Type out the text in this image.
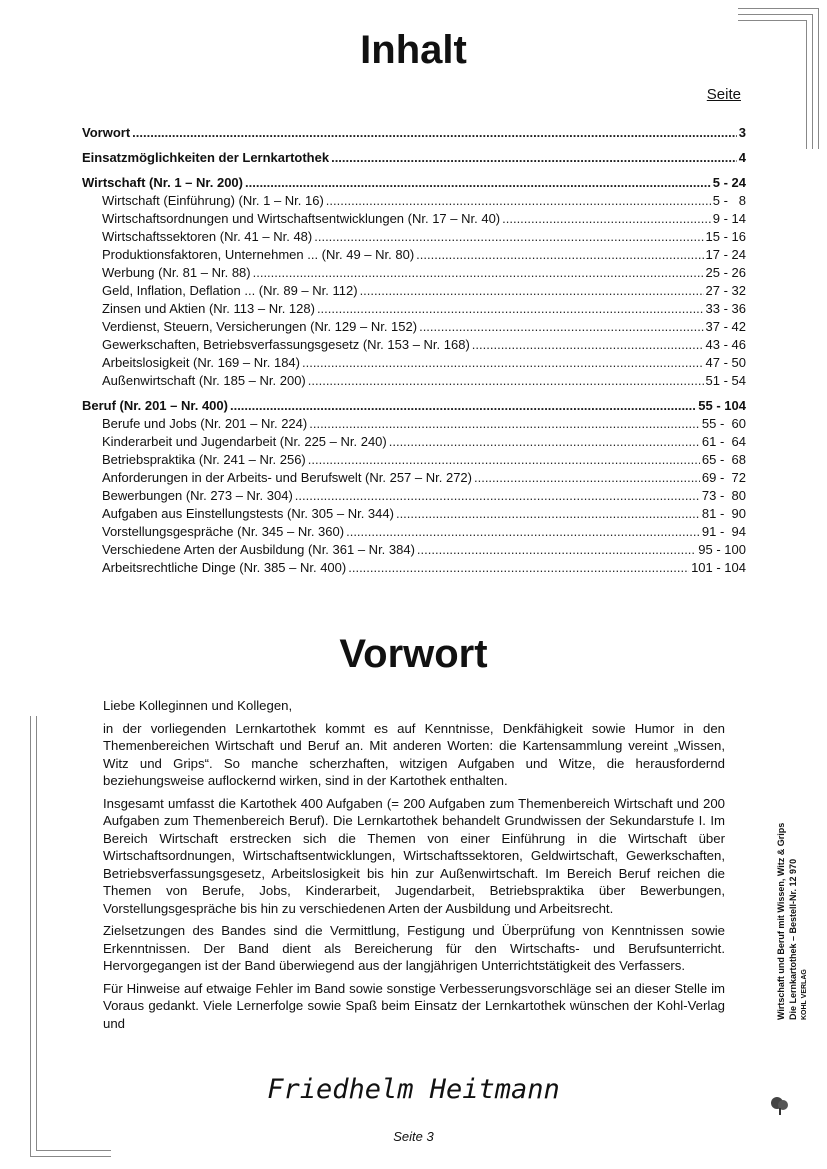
Inhalt
Seite
Vorwort .....	3
Einsatzmöglichkeiten der Lernkartothek .....	4
Wirtschaft (Nr. 1 – Nr. 200) .....	5 - 24
Wirtschaft (Einführung) (Nr. 1 – Nr. 16) .....	5 -   8
Wirtschaftsordnungen und Wirtschaftsentwicklungen (Nr. 17 – Nr. 40) .....	9 - 14
Wirtschaftssektoren (Nr. 41 – Nr. 48) .....	15 - 16
Produktionsfaktoren, Unternehmen ... (Nr. 49 – Nr. 80) .....	17 - 24
Werbung (Nr. 81 – Nr. 88) .....	25 - 26
Geld, Inflation, Deflation ... (Nr. 89 – Nr. 112) .....	27 - 32
Zinsen und Aktien (Nr. 113 – Nr. 128) .....	33 - 36
Verdienst, Steuern, Versicherungen (Nr. 129 – Nr. 152) .....	37 - 42
Gewerkschaften, Betriebsverfassungsgesetz (Nr. 153 – Nr. 168) .....	43 - 46
Arbeitslosigkeit (Nr. 169 – Nr. 184) .....	47 - 50
Außenwirtschaft (Nr. 185 – Nr. 200) .....	51 - 54
Beruf (Nr. 201 – Nr. 400) .....	55 - 104
Berufe und Jobs (Nr. 201 – Nr. 224) .....	55 -  60
Kinderarbeit und Jugendarbeit (Nr. 225 – Nr. 240) .....	61 -  64
Betriebspraktika (Nr. 241 – Nr. 256) .....	65 -  68
Anforderungen in der Arbeits- und Berufswelt (Nr. 257 – Nr. 272) .....	69 -  72
Bewerbungen (Nr. 273 – Nr. 304) .....	73 -  80
Aufgaben aus Einstellungstests (Nr. 305 – Nr. 344) .....	81 -  90
Vorstellungsgespräche (Nr. 345 – Nr. 360) .....	91 -  94
Verschiedene Arten der Ausbildung (Nr. 361 – Nr. 384) .....	95 - 100
Arbeitsrechtliche Dinge (Nr. 385 – Nr. 400) .....	101 - 104
Vorwort

Liebe Kolleginnen und Kollegen,

in der vorliegenden Lernkartothek kommt es auf Kenntnisse, Denkfähigkeit sowie Humor in den Themenbereichen Wirtschaft und Beruf an. Mit anderen Worten: die Kartensammlung vereint „Wissen, Witz und Grips“. So manche scherzhaften, witzigen Aufgaben und Witze, die herausfordernd beziehungsweise auflockernd wirken, sind in der Kartothek enthalten.

Insgesamt umfasst die Kartothek 400 Aufgaben (= 200 Aufgaben zum Themenbereich Wirtschaft und 200 Aufgaben zum Themenbereich Beruf). Die Lernkartothek behandelt Grundwissen der Sekundarstufe I. Im Bereich Wirtschaft erstrecken sich die Themen von einer Einführung in die Wirtschaft über Wirtschaftsordnungen, Wirtschaftsentwicklungen, Wirtschaftssektoren, Geldwirtschaft, Gewerkschaften, Betriebsverfassungsgesetz, Arbeitslosigkeit bis hin zur Außenwirtschaft. Im Bereich Beruf reichen die Themen von Berufe, Jobs, Kinderarbeit, Jugendarbeit, Betriebspraktika über Bewerbungen, Vorstellungsgespräche bis hin zu verschiedenen Arten der Ausbildung und Arbeitsrecht.

Zielsetzungen des Bandes sind die Vermittlung, Festigung und Überprüfung von Kenntnissen sowie Erkenntnissen. Der Band dient als Bereicherung für den Wirtschafts- und Berufsunterricht. Hervorgegangen ist der Band überwiegend aus der langjährigen Unterrichtstätigkeit des Verfassers.

Für Hinweise auf etwaige Fehler im Band sowie sonstige Verbesserungsvorschläge sei an dieser Stelle im Voraus gedankt. Viele Lernerfolge sowie Spaß beim Einsatz der Lernkartothek wünschen der Kohl-Verlag und

Friedhelm Heitmann
Seite 3
Wirtschaft und Beruf mit Wissen, Witz & Grips Die Lernkartothek – Bestell-Nr. 12 970 KOHL VERLAG
